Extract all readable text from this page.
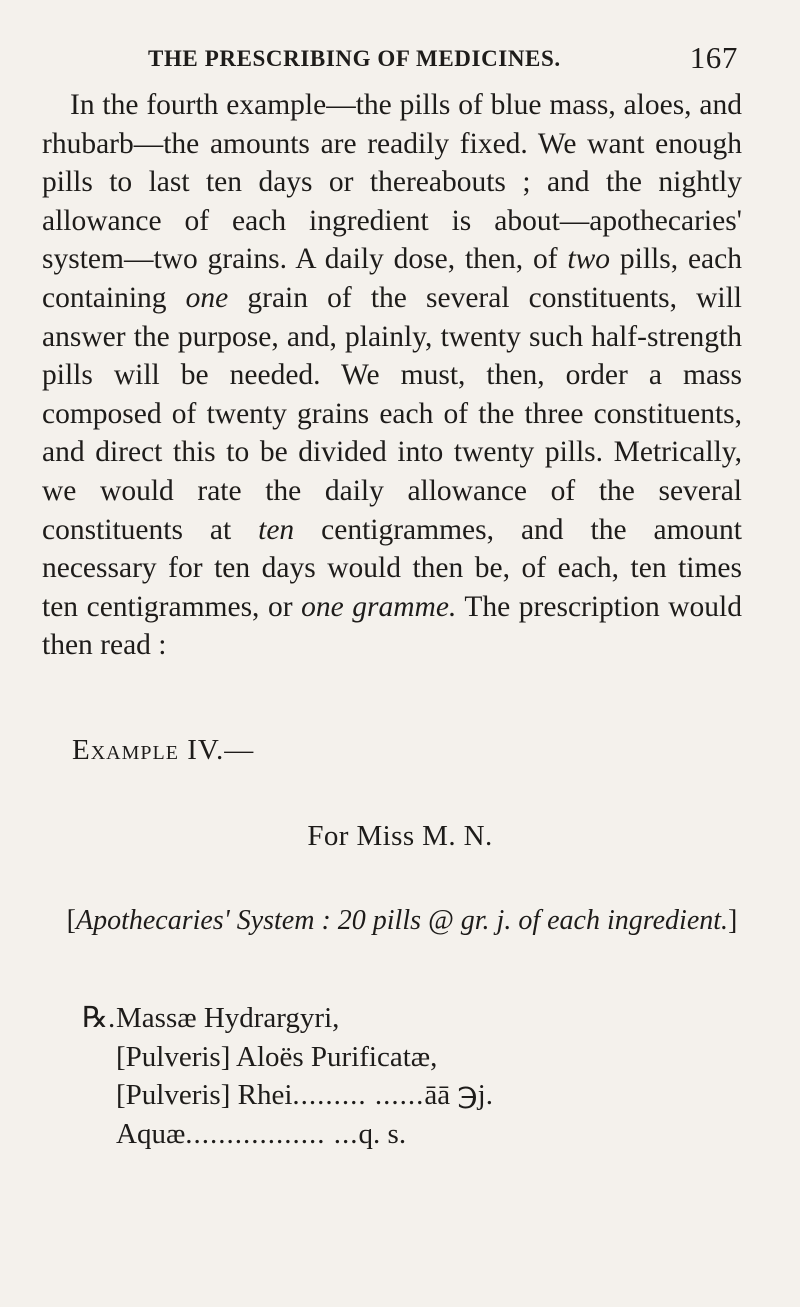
THE PRESCRIBING OF MEDICINES.	167

In the fourth example—the pills of blue mass, aloes, and rhubarb—the amounts are readily fixed. We want enough pills to last ten days or thereabouts ; and the nightly allowance of each ingredient is about—apothecaries' system—two grains. A daily dose, then, of two pills, each containing one grain of the several constituents, will answer the purpose, and, plainly, twenty such half-strength pills will be needed. We must, then, order a mass composed of twenty grains each of the three constituents, and direct this to be divided into twenty pills. Metrically, we would rate the daily allowance of the several constituents at ten centigrammes, and the amount necessary for ten days would then be, of each, ten times ten centigrammes, or one gramme. The prescription would then read :

Example IV.—
For Miss M. N.
[Apothecaries' System : 20 pills @ gr. j. of each ingredient.]
℞.Massæ Hydrargyri,
[Pulveris] Aloës Purificatæ,
[Pulveris] Rhei......... ......āā ℈j.
Aquæ................. ...q. s.
